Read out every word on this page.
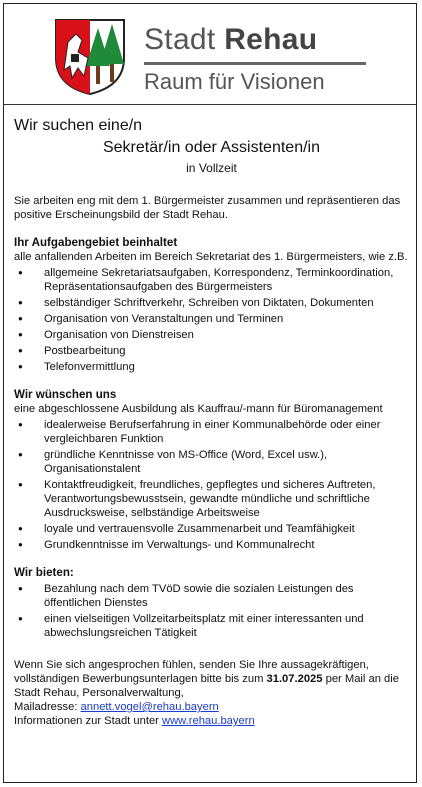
Stadt Rehau
Raum für Visionen
Wir suchen eine/n
Sekretär/in oder Assistenten/in
in Vollzeit

Sie arbeiten eng mit dem 1. Bürgermeister zusammen und repräsentieren das positive Erscheinungsbild der Stadt Rehau.

Ihr Aufgabengebiet beinhaltet

alle anfallenden Arbeiten im Bereich Sekretariat des 1. Bürgermeisters, wie z.B.

● allgemeine Sekretariatsaufgaben, Korrespondenz, Terminkoordination, Repräsentationsaufgaben des Bürgermeisters
● selbständiger Schriftverkehr, Schreiben von Diktaten, Dokumenten
● Organisation von Veranstaltungen und Terminen
● Organisation von Dienstreisen
● Postbearbeitung
● Telefonvermittlung
Wir wünschen uns

eine abgeschlossene Ausbildung als Kauffrau/-mann für Büromanagement

● idealerweise Berufserfahrung in einer Kommunalbehörde oder einer vergleichbaren Funktion
● gründliche Kenntnisse von MS-Office (Word, Excel usw.), Organisationstalent
● Kontaktfreudigkeit, freundliches, gepflegtes und sicheres Auftreten, Verantwortungsbewusstsein, gewandte mündliche und schriftliche Ausdrucksweise, selbständige Arbeitsweise
● loyale und vertrauensvolle Zusammenarbeit und Teamfähigkeit
● Grundkenntnisse im Verwaltungs- und Kommunalrecht
Wir bieten:
● Bezahlung nach dem TVöD sowie die sozialen Leistungen des öffentlichen Dienstes
● einen vielseitigen Vollzeitarbeitsplatz mit einer interessanten und abwechslungsreichen Tätigkeit

Wenn Sie sich angesprochen fühlen, senden Sie Ihre aussagekräftigen, vollständigen Bewerbungsunterlagen bitte bis zum 31.07.2025 per Mail an die Stadt Rehau, Personalverwaltung,

Mailadresse: annett.vogel@rehau.bayern

Informationen zur Stadt unter www.rehau.bayern
